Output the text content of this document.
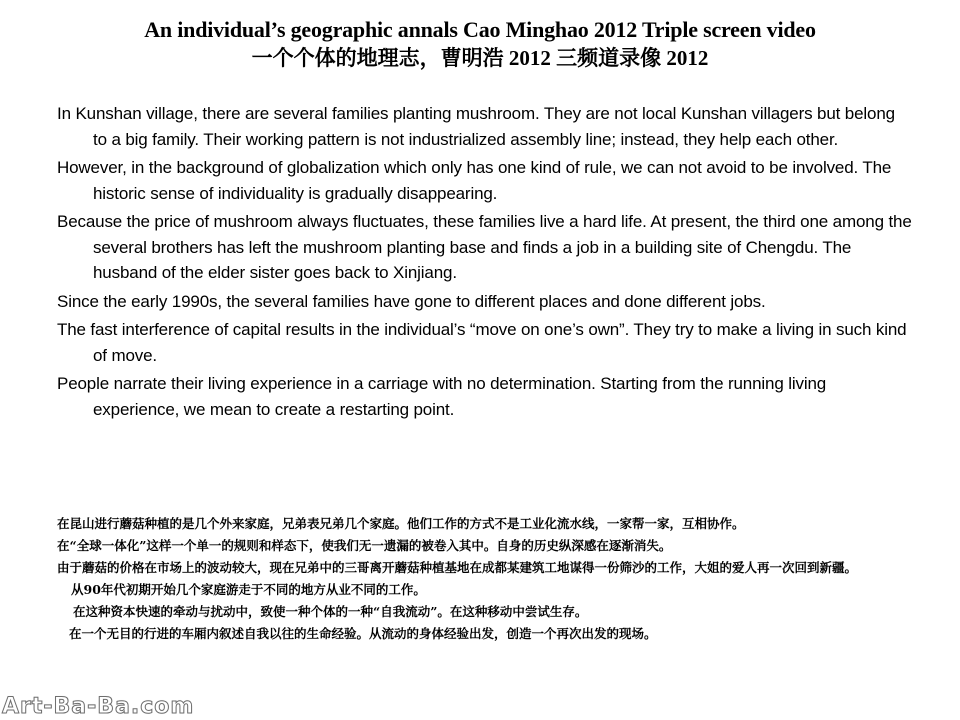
An individual’s geographic annals Cao Minghao 2012 Triple screen video
一个个体的地理志，曹明浩 2012 三频道录像 2012
In Kunshan village, there are several families planting mushroom. They are not local Kunshan villagers but belong to a big family. Their working pattern is not industrialized assembly line; instead, they help each other.
However, in the background of globalization which only has one kind of rule, we can not avoid to be involved. The historic sense of individuality is gradually disappearing.
Because the price of mushroom always fluctuates, these families live a hard life. At present, the third one among the several brothers has left the mushroom planting base and finds a job in a building site of Chengdu. The husband of the elder sister goes back to Xinjiang.
Since the early 1990s, the several families have gone to different places and done different jobs.
The fast interference of capital results in the individual’s “move on one’s own”. They try to make a living in such kind of move.
People narrate their living experience in a carriage with no determination. Starting from the running living experience, we mean to create a restarting point.
在昆山进行蘑菇种植的是几个外来家庭，兄弟表兄弟几个家庭。他们工作的方式不是工业化流水线，一家帮一家，互相协作。
在“全球一体化”这样一个单一的规则和样态下，使我们无一遗漏的被卷入其中。自身的历史纵深感在逐渐消失。
由于蘑菇的价格在市场上的波动较大，现在兄弟中的三哥离开蘑菇种植基地在成都某建筑工地谋得一份筛沙的工作，大姐的爱人再一次回到新疆。
从90年代初期开始几个家庭游走于不同的地方从业不同的工作。
在这种资本快速的牵动与扰动中，致使一种个体的一种“自我流动”。在这种移动中尝试生存。
在一个无目的行进的车厢内叙述自我以往的生命经验。从流动的身体经验出发，创造一个再次出发的现场。
Art-Ba-Ba.com
